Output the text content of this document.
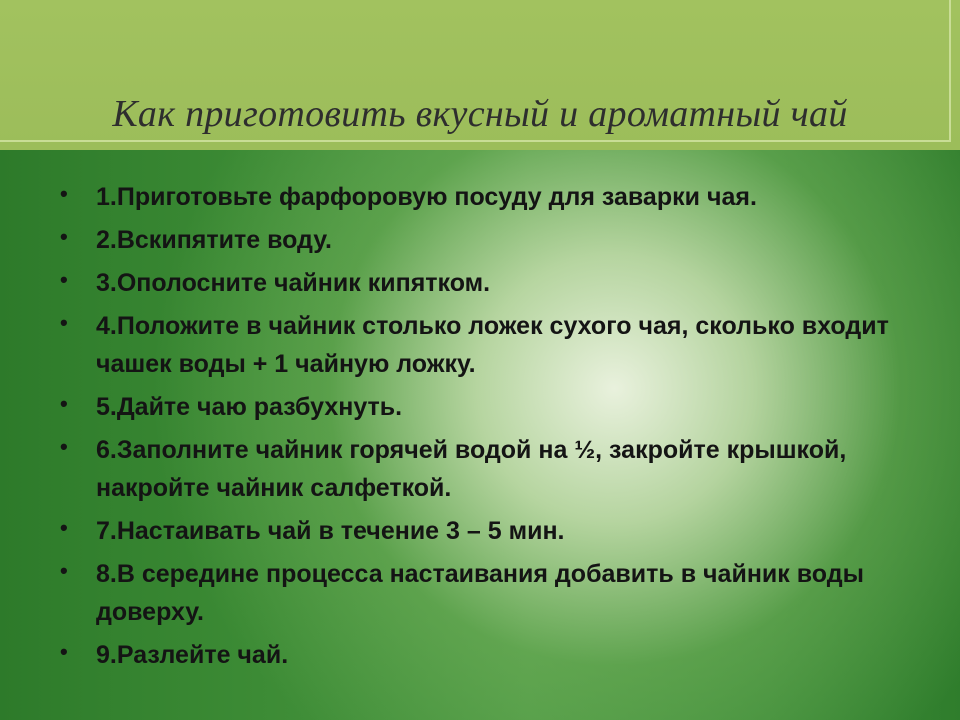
Как приготовить вкусный и ароматный чай
• 1.Приготовьте фарфоровую посуду для заварки чая.
• 2.Вскипятите воду.
• 3.Ополосните чайник кипятком.
• 4.Положите в чайник столько ложек сухого чая, сколько входит чашек воды + 1 чайную ложку.
• 5.Дайте чаю разбухнуть.
• 6.Заполните чайник горячей водой на ½, закройте крышкой, накройте чайник салфеткой.
• 7.Настаивать чай в течение 3 – 5 мин.
• 8.В середине процесса настаивания добавить в чайник воды доверху.
• 9.Разлейте чай.
